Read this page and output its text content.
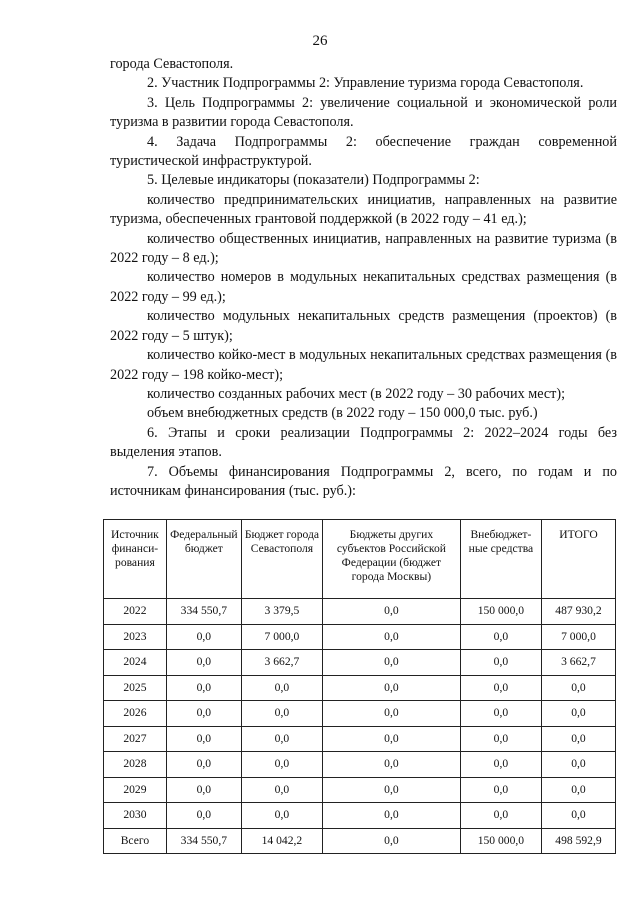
26

города Севастополя.

2. Участник Подпрограммы 2: Управление туризма города Севастополя.

3. Цель Подпрограммы 2: увеличение социальной и экономической роли туризма в развитии города Севастополя.

4. Задача Подпрограммы 2: обеспечение граждан современной туристической инфраструктурой.

5. Целевые индикаторы (показатели) Подпрограммы 2:

количество предпринимательских инициатив, направленных на развитие туризма, обеспеченных грантовой поддержкой (в 2022 году – 41 ед.);

количество общественных инициатив, направленных на развитие туризма (в 2022 году – 8 ед.);

количество номеров в модульных некапитальных средствах размещения (в 2022 году – 99 ед.);

количество модульных некапитальных средств размещения (проектов) (в 2022 году – 5 штук);

количество койко-мест в модульных некапитальных средствах размещения (в 2022 году – 198 койко-мест);

количество созданных рабочих мест (в 2022 году – 30 рабочих мест);

объем внебюджетных средств (в 2022 году – 150 000,0 тыс. руб.)

6. Этапы и сроки реализации Подпрограммы 2: 2022–2024 годы без выделения этапов.

7. Объемы финансирования Подпрограммы 2, всего, по годам и по источникам финансирования (тыс. руб.):

Источник финанси-рования	Федеральный бюджет	Бюджет города Севастополя	Бюджеты других субъектов Российской Федерации (бюджет города Москвы)	Внебюджет-ные средства	ИТОГО
2022	334 550,7	3 379,5	0,0	150 000,0	487 930,2
2023	0,0	7 000,0	0,0	0,0	7 000,0
2024	0,0	3 662,7	0,0	0,0	3 662,7
2025	0,0	0,0	0,0	0,0	0,0
2026	0,0	0,0	0,0	0,0	0,0
2027	0,0	0,0	0,0	0,0	0,0
2028	0,0	0,0	0,0	0,0	0,0
2029	0,0	0,0	0,0	0,0	0,0
2030	0,0	0,0	0,0	0,0	0,0
Всего	334 550,7	14 042,2	0,0	150 000,0	498 592,9
